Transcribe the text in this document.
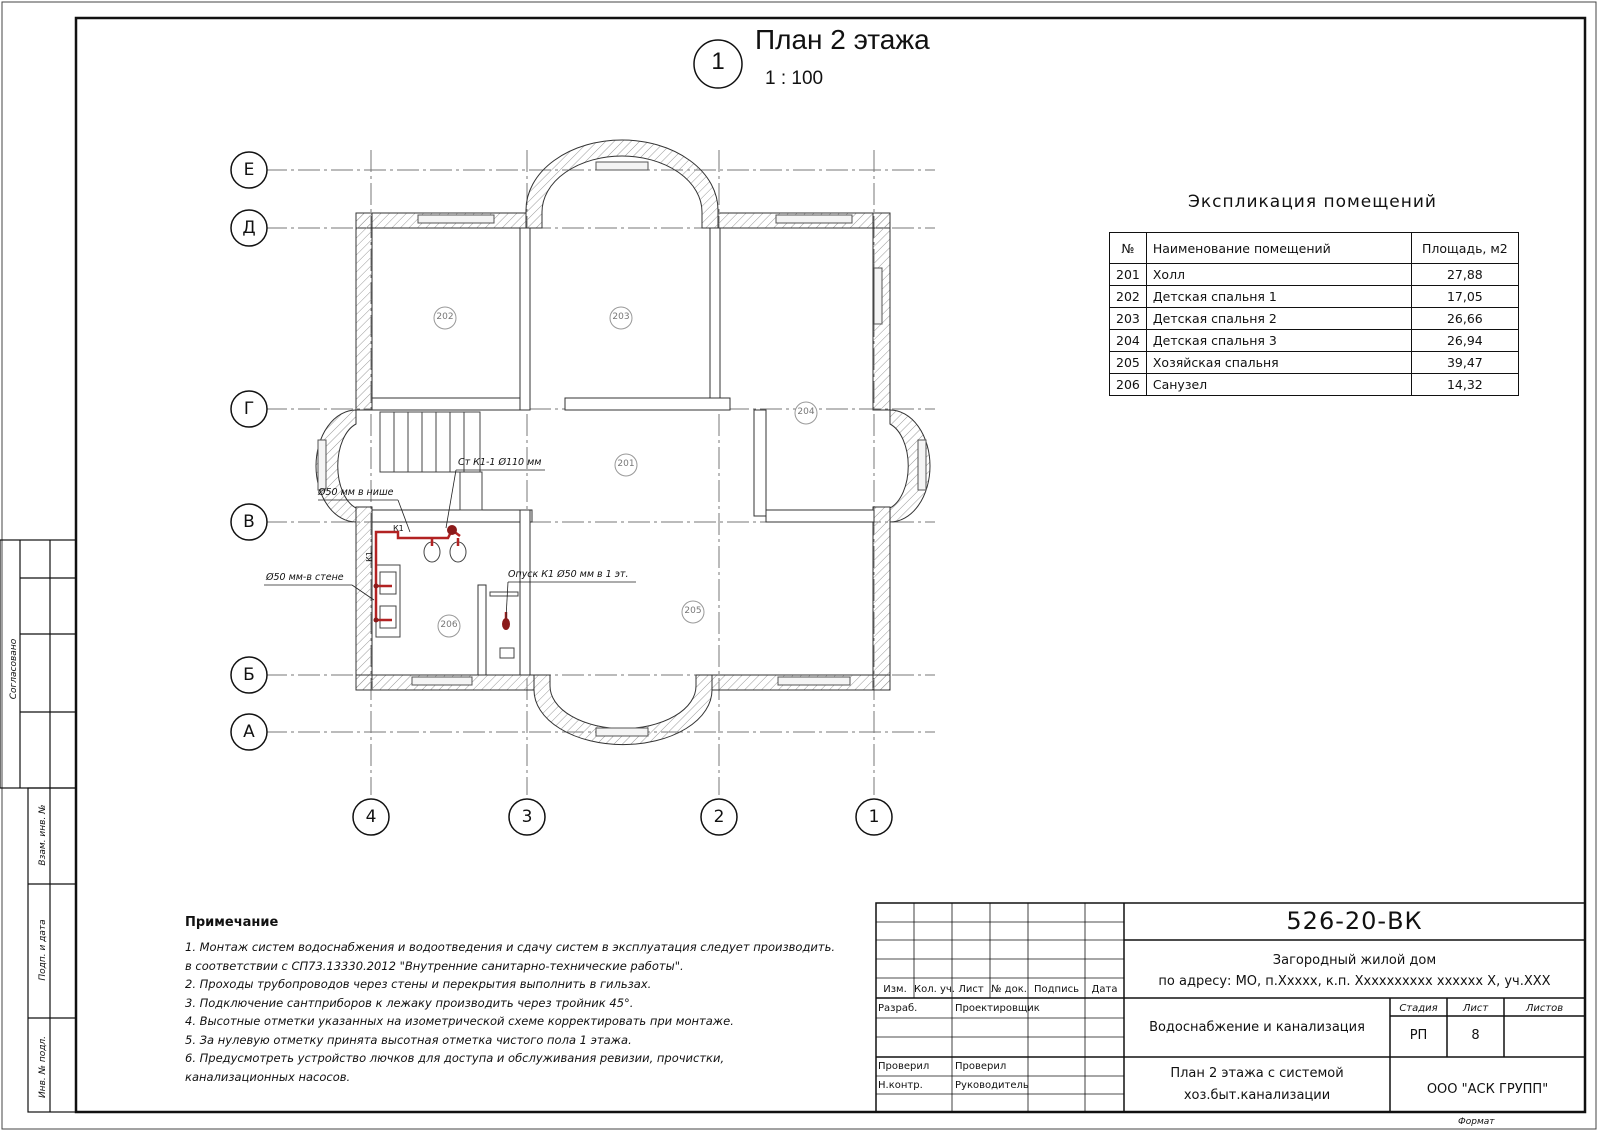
План 2 этажа
1 : 100
1
Е
Д
Г
В
Б
А
4	3	2	1
202	203
204
201
206
205
Ст К1-1 Ø110 мм
Ø50 мм в нише
Ø50 мм-в стене	Опуск К1 Ø50 мм в 1 эт.
К1
К1
Экспликация помещений
№	Наименование помещений	Площадь, м2
201	Холл	27,88
202	Детская спальня 1	17,05
203	Детская спальня 2	26,66
204	Детская спальня 3	26,94
205	Хозяйская спальня	39,47
206	Санузел	14,32
Примечание
1. Монтаж систем водоснабжения и водоотведения и сдачу систем в эксплуатация следует производить.
в соответствии с СП73.13330.2012 "Внутренние санитарно-технические работы".
2. Проходы трубопроводов через стены и перекрытия выполнить в гильзах.
3. Подключение сантприборов к лежаку производить через тройник 45°.
4. Высотные отметки указанных на изометрической схеме корректировать при монтаже.
5. За нулевую отметку принята высотная отметка чистого пола 1 этажа.
6. Предусмотреть устройство лючков для доступа и обслуживания ревизии, прочистки,
канализационных насосов.
Согласовано
Взам. инв. №
Подп. и дата
Инв. № подл.
526-20-ВК
Загородный жилой дом
по адресу: МО, п.Ххххх, к.п. Хххххххххх хххххх Х, уч.ХХХ
Изм. Кол. уч. Лист № док. Подпись	Дата
Разраб.	Проектировщик
Проверил	Проверил
Н.контр.	Руководитель
Водоснабжение и канализация
Стадия	Лист	Листов
РП	8
План 2 этажа с системой
хоз.быт.канализации	ООО "АСК ГРУПП"
Формат
